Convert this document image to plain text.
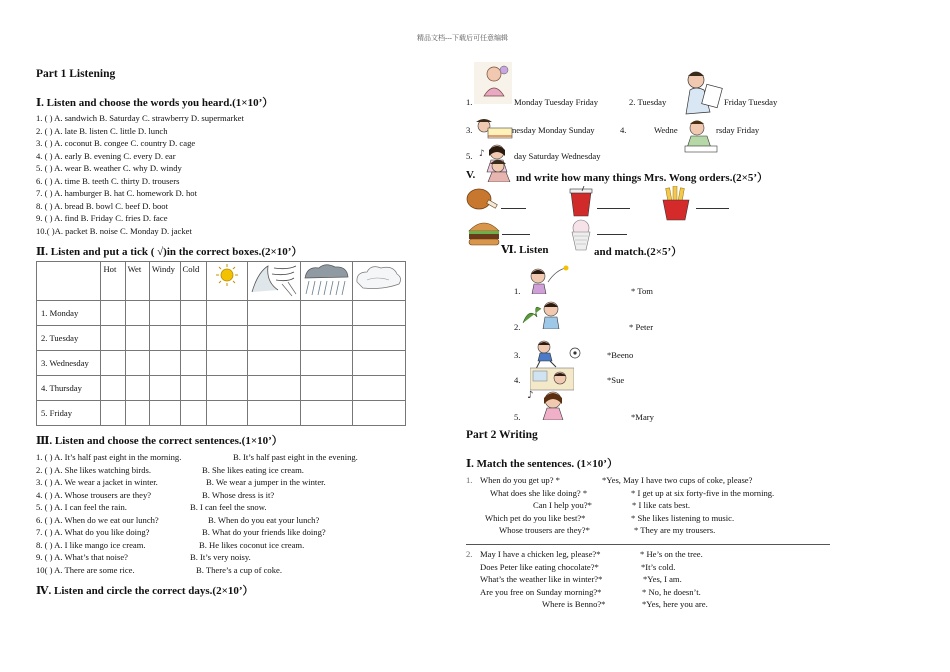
精品文档---下载后可任意编辑
Part 1 Listening
Ⅰ. Listen and choose the words you heard.(1×10’）
1. ( ) A. sandwich B. Saturday C. strawberry D. supermarket
2. ( ) A. late B. listen C. little D. lunch
3. ( ) A. coconut B. congee C. country D. cage
4. ( ) A. early B. evening C. every D. ear
5. ( ) A. wear B. weather C. why D. windy
6. ( ) A. time B. teeth C. thirty D. trousers
7. ( ) A. hamburger B. hat C. homework D. hot
8. ( ) A. bread B. bowl C. beef D. boot
9. ( ) A. find B. Friday C. fries D. face
10.( )A. packet B. noise C. Monday D. jacket
Ⅱ. Listen and put a tick ( √)in the correct boxes.(2×10’）
	Hot	Wet	Windy	Cold				
1. Monday								
2. Tuesday								
3. Wednesday								
4. Thursday								
5. Friday								
Ⅲ. Listen and choose the correct sentences.(1×10’）
1. ( ) A. It’s half past eight in the morning.	B. It’s half past eight in the evening.
2. ( ) A. She likes watching birds.	B. She likes eating ice cream.
3. ( ) A. We wear a jacket in winter.	B. We wear a jumper in the winter.
4. ( ) A. Whose trousers are they?	B. Whose dress is it?
5. ( ) A. I can feel the rain.	B. I can feel the snow.
6. ( ) A. When do we eat our lunch?	B. When do you eat your lunch?
7. ( ) A. What do you like doing?	B. What do your friends like doing?
8. ( ) A. I like mango ice cream.	B. He likes coconut ice cream.
9. ( ) A. What’s that noise?	B. It’s very noisy.
10( ) A. There are some rice.	B. There’s a cup of coke.
Ⅳ. Listen and circle the correct days.(2×10’）
1.	Monday Tuesday Friday	2. Tuesday	Friday Tuesday
3.	nesday Monday Sunday	4.	Wedne	rsday Friday
♪
5.	day Saturday Wednesday
V.	ınd write how many things Mrs. Wong orders.(2×5’）
Ⅵ. Listen	and match.(2×5’）
1.	* Tom
2.	* Peter
3.	*Beeno
4.	*Sue
♪
5.	*Mary
Part 2 Writing
Ⅰ. Match the sentences. (1×10’）
1. When do you get up? *	*Yes, May I have two cups of coke, please?
What does she like doing? *	* I get up at six forty-five in the morning.
Can I help you?*	* I like cats best.
Which pet do you like best?*	* She likes listening to music.
Whose trousers are they?*	* They are my trousers.
2. May I have a chicken leg, please?*	* He’s on the tree.
Does Peter like eating chocolate?*	*It’s cold.
What’s the weather like in winter?*	*Yes, I am.
Are you free on Sunday morning?*	* No, he doesn’t.
Where is Benno?*	*Yes, here you are.
